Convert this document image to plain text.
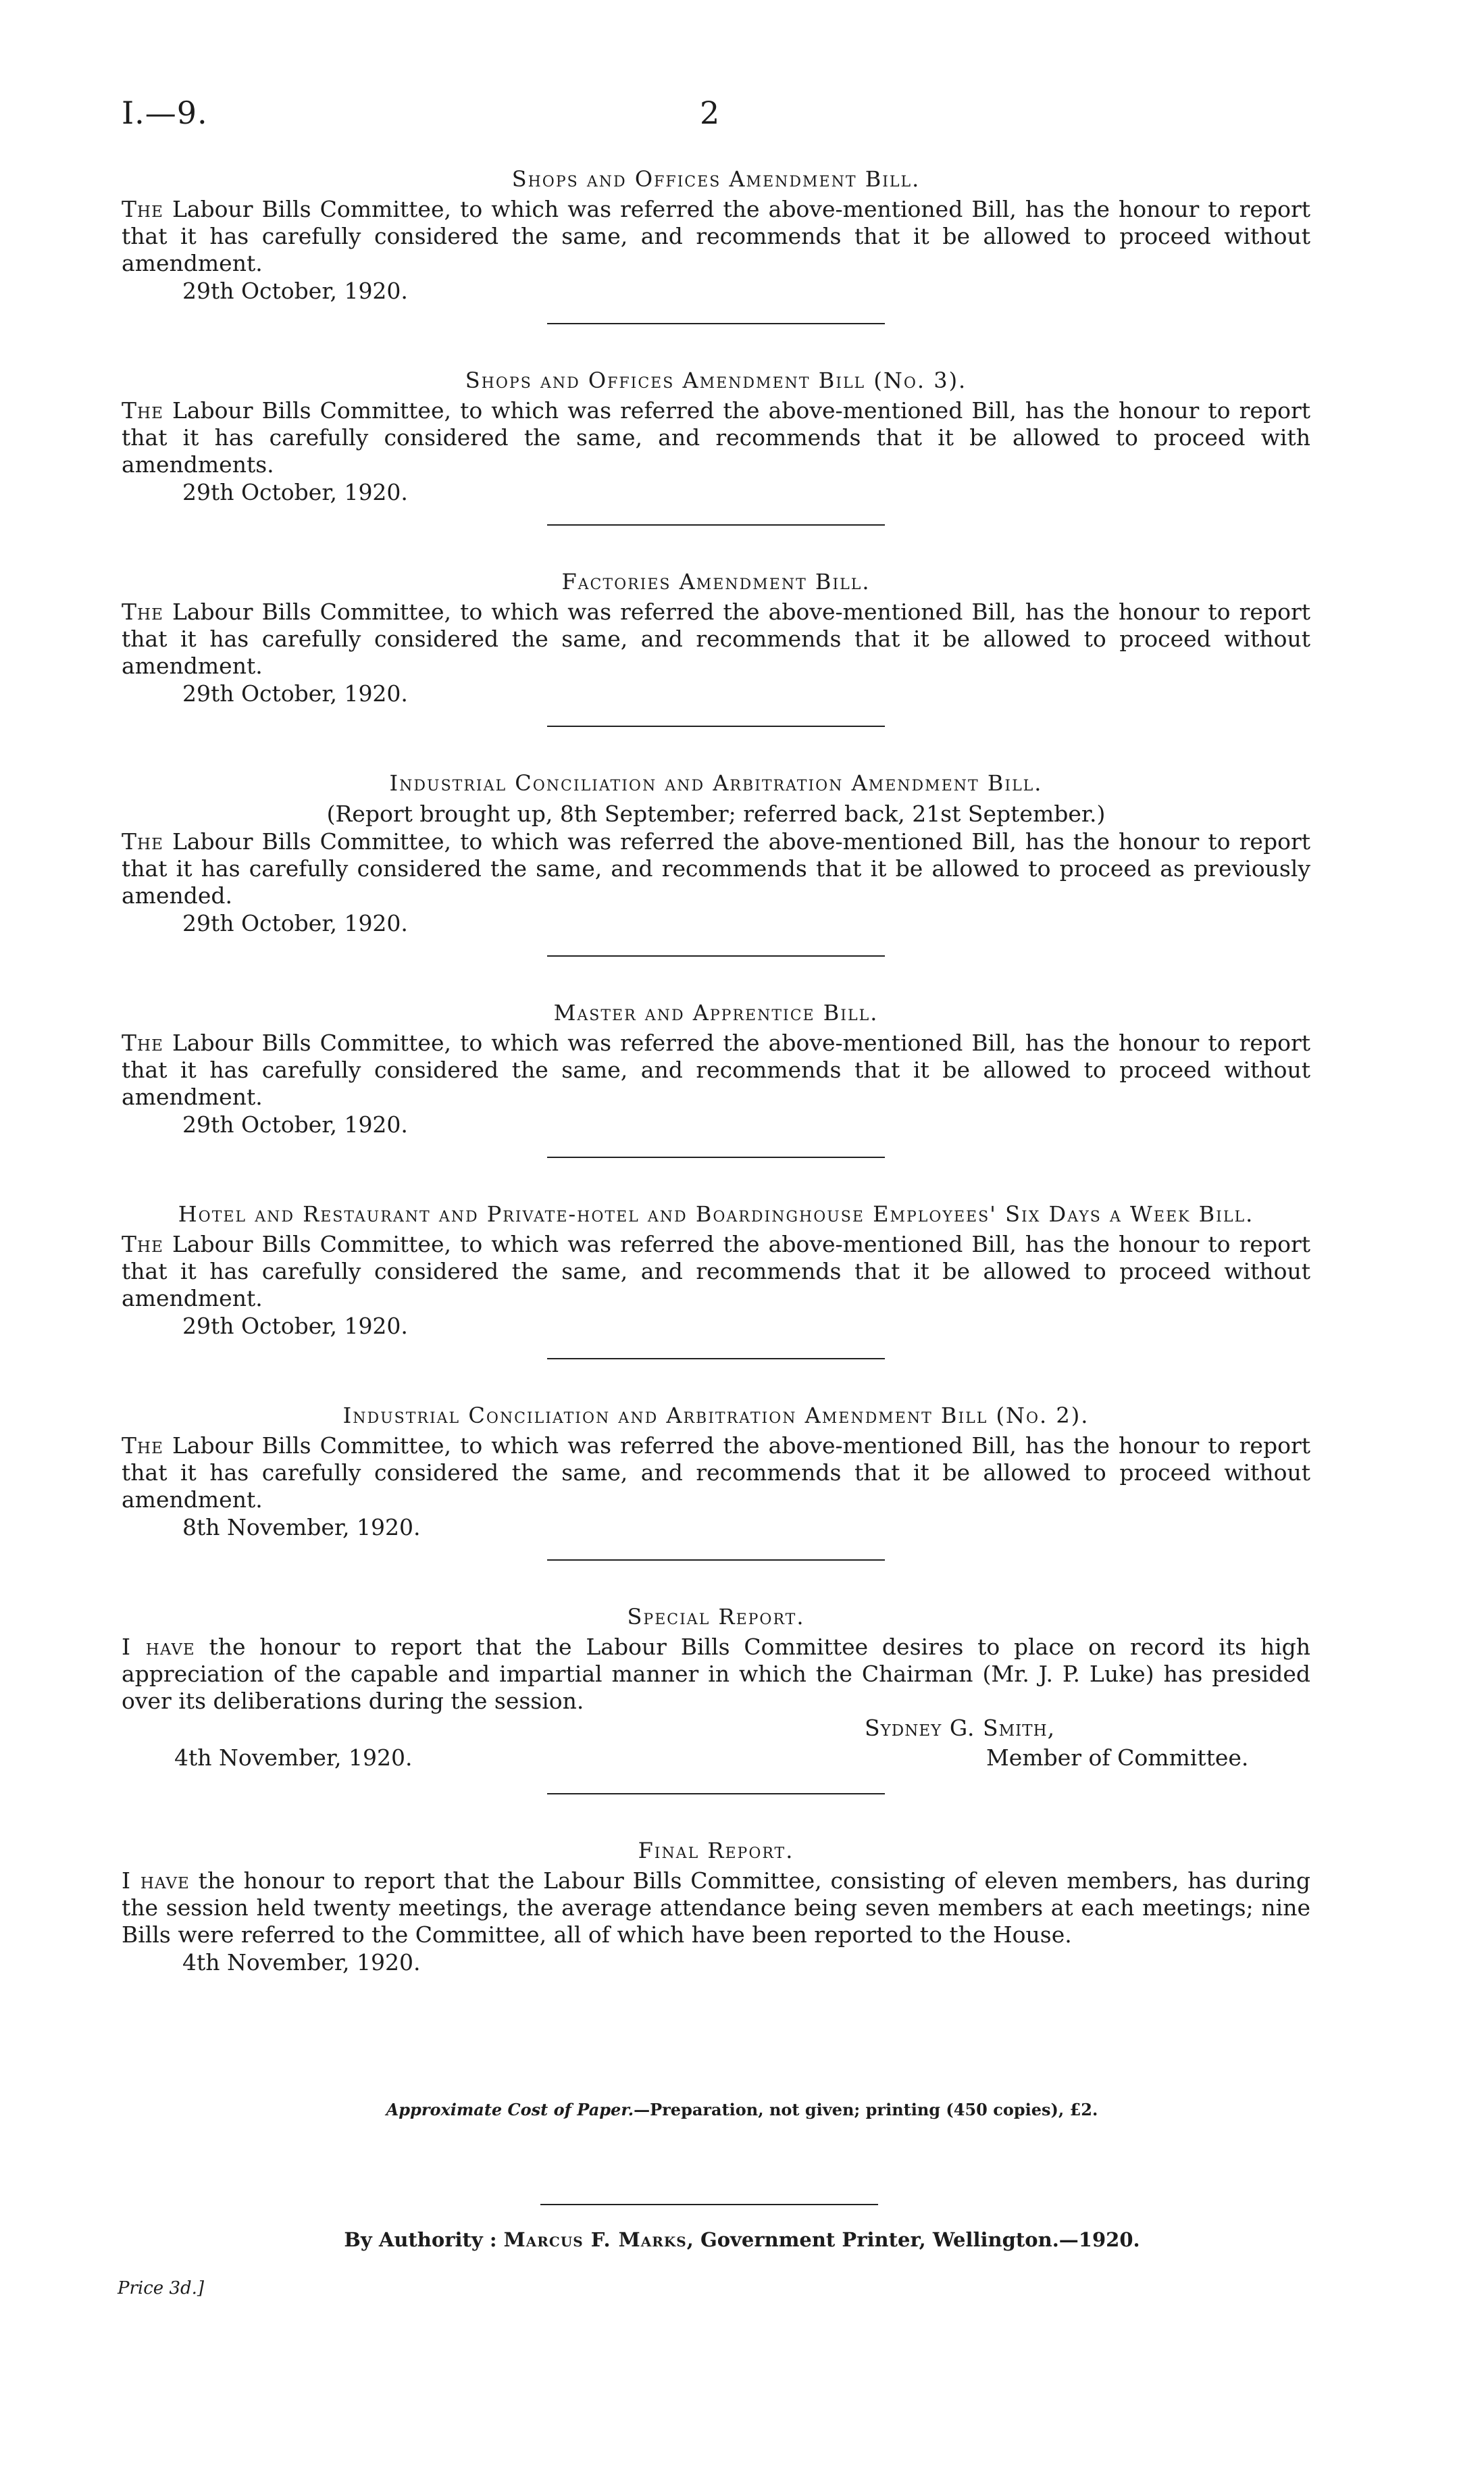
I.—9.	2
Shops and Offices Amendment Bill.

The Labour Bills Committee, to which was referred the above-mentioned Bill, has the honour to report that it has carefully considered the same, and recommends that it be allowed to proceed without amendment.

29th October, 1920.

Shops and Offices Amendment Bill (No. 3).

The Labour Bills Committee, to which was referred the above-mentioned Bill, has the honour to report that it has carefully considered the same, and recommends that it be allowed to proceed with amendments.

29th October, 1920.

Factories Amendment Bill.

The Labour Bills Committee, to which was referred the above-mentioned Bill, has the honour to report that it has carefully considered the same, and recommends that it be allowed to proceed without amendment.

29th October, 1920.

Industrial Conciliation and Arbitration Amendment Bill.
(Report brought up, 8th September; referred back, 21st September.)

The Labour Bills Committee, to which was referred the above-mentioned Bill, has the honour to report that it has carefully considered the same, and recommends that it be allowed to proceed as previously amended.

29th October, 1920.

Master and Apprentice Bill.

The Labour Bills Committee, to which was referred the above-mentioned Bill, has the honour to report that it has carefully considered the same, and recommends that it be allowed to proceed without amendment.

29th October, 1920.

Hotel and Restaurant and Private-hotel and Boardinghouse Employees' Six Days a Week Bill.

The Labour Bills Committee, to which was referred the above-mentioned Bill, has the honour to report that it has carefully considered the same, and recommends that it be allowed to proceed without amendment.

29th October, 1920.

Industrial Conciliation and Arbitration Amendment Bill (No. 2).

The Labour Bills Committee, to which was referred the above-mentioned Bill, has the honour to report that it has carefully considered the same, and recommends that it be allowed to proceed without amendment.

8th November, 1920.

Special Report.

I have the honour to report that the Labour Bills Committee desires to place on record its high appreciation of the capable and impartial manner in which the Chairman (Mr. J. P. Luke) has presided over its deliberations during the session.

Sydney G. Smith,
4th November, 1920.	Member of Committee.
Final Report.

I have the honour to report that the Labour Bills Committee, consisting of eleven members, has during the session held twenty meetings, the average attendance being seven members at each meetings; nine Bills were referred to the Committee, all of which have been reported to the House.

4th November, 1920.

Approximate Cost of Paper.—Preparation, not given; printing (450 copies), £2.
By Authority : Marcus F. Marks, Government Printer, Wellington.—1920.
Price 3d.]
